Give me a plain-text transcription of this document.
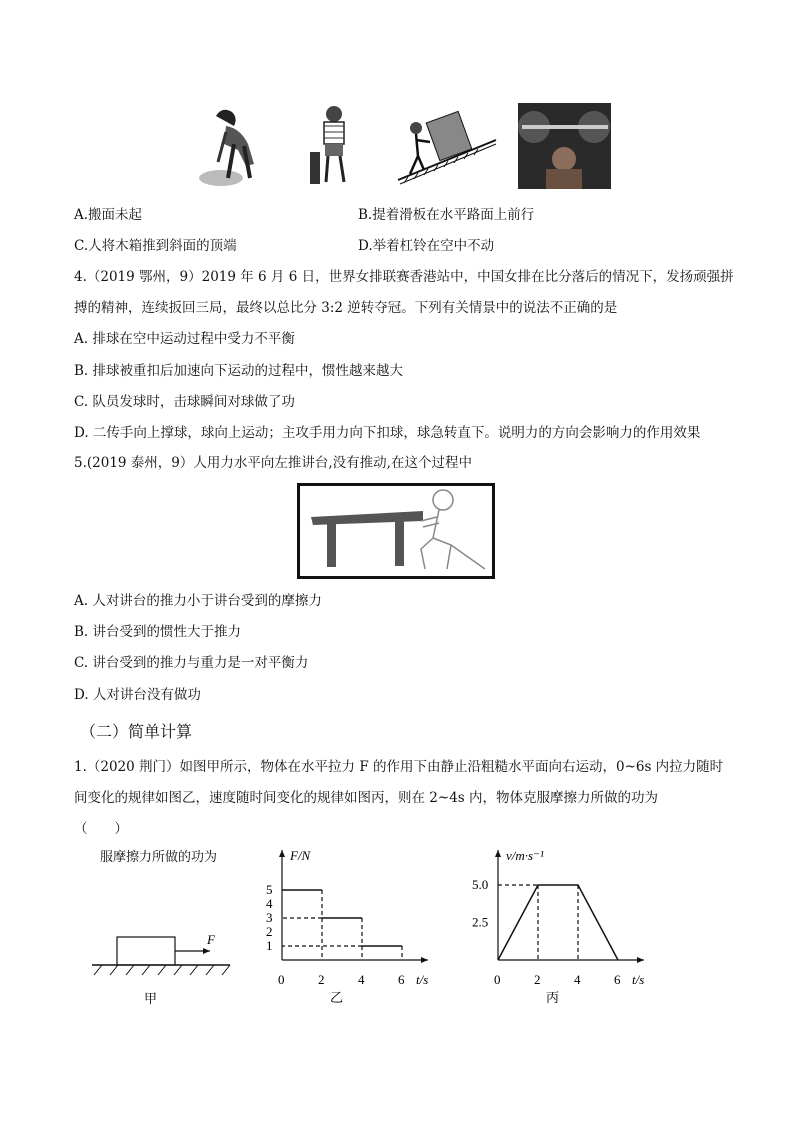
A.搬面未起	B.提着滑板在水平路面上前行
C.人将木箱推到斜面的顶端	D.举着杠铃在空中不动
4.（2019 鄂州，9）2019 年 6 月 6 日，世界女排联赛香港站中，中国女排在比分落后的情况下，发扬顽强拼
搏的精神，连续扳回三局，最终以总比分 3:2 逆转夺冠。下列有关情景中的说法不正确的是
A. 排球在空中运动过程中受力不平衡
B. 排球被重扣后加速向下运动的过程中，惯性越来越大
C. 队员发球时，击球瞬间对球做了功
D. 二传手向上撑球，球向上运动；主攻手用力向下扣球，球急转直下。说明力的方向会影响力的作用效果
5.(2019 泰州，9）人用力水平向左推讲台,没有推动,在这个过程中
A. 人对讲台的推力小于讲台受到的摩擦力
B. 讲台受到的惯性大于推力
C. 讲台受到的推力与重力是一对平衡力
D. 人对讲台没有做功
（二）简单计算
1.（2020 荆门）如图甲所示，物体在水平拉力 F 的作用下由静止沿粗糙水平面向右运动，0~6s 内拉力随时
间变化的规律如图乙，速度随时间变化的规律如图丙，则在 2~4s 内，物体克服摩擦力所做的功为
（　　）
服摩擦力所做的功为
F
甲
F/N
t/s
乙
1
2
3
4
5
0	2	4	6
v/m·s⁻¹
t/s
丙
2.5
5.0
0	2	4	6
